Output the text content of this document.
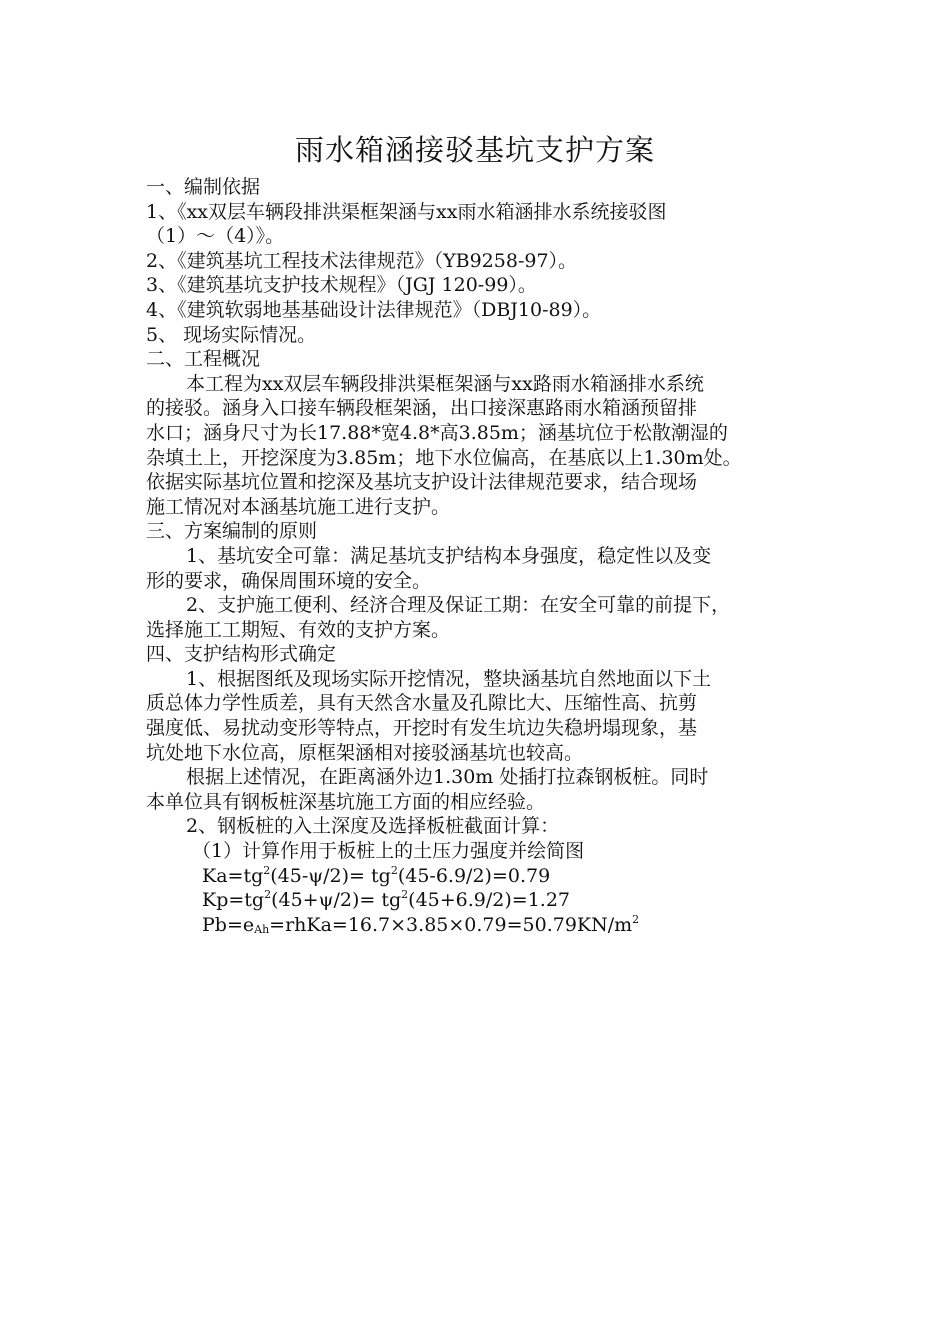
雨水箱涵接驳基坑支护方案
一、编制依据
1、《xx双层车辆段排洪渠框架涵与xx雨水箱涵排水系统接驳图
（1）～（4）》。
2、《建筑基坑工程技术法律规范》（YB9258-97）。
3、《建筑基坑支护技术规程》（JGJ 120-99）。
4、《建筑软弱地基基础设计法律规范》（DBJ10-89）。
5、 现场实际情况。
二、工程概况
本工程为xx双层车辆段排洪渠框架涵与xx路雨水箱涵排水系统
的接驳。涵身入口接车辆段框架涵，出口接深惠路雨水箱涵预留排
水口；涵身尺寸为长17.88*宽4.8*高3.85m；涵基坑位于松散潮湿的
杂填土上，开挖深度为3.85m；地下水位偏高，在基底以上1.30m处。
依据实际基坑位置和挖深及基坑支护设计法律规范要求，结合现场
施工情况对本涵基坑施工进行支护。
三、方案编制的原则
1、基坑安全可靠：满足基坑支护结构本身强度，稳定性以及变
形的要求，确保周围环境的安全。
2、支护施工便利、经济合理及保证工期：在安全可靠的前提下，
选择施工工期短、有效的支护方案。
四、支护结构形式确定
1、根据图纸及现场实际开挖情况，整块涵基坑自然地面以下土
质总体力学性质差，具有天然含水量及孔隙比大、压缩性高、抗剪
强度低、易扰动变形等特点，开挖时有发生坑边失稳坍塌现象，基
坑处地下水位高，原框架涵相对接驳涵基坑也较高。
根据上述情况，在距离涵外边1.30m 处插打拉森钢板桩。同时
本单位具有钢板桩深基坑施工方面的相应经验。
2、钢板桩的入土深度及选择板桩截面计算：
（1）计算作用于板桩上的土压力强度并绘简图
$Ka=tg^2(45-\psi/2)= tg^2(45-6.9/2)=0.79$
$Kp=tg^2(45+\psi/2)= tg^2(45+6.9/2)=1.27$
$Pb=e_{Ah}=rhKa=16.7\times 3.85\times 0.79=50.79KN/m^2$
